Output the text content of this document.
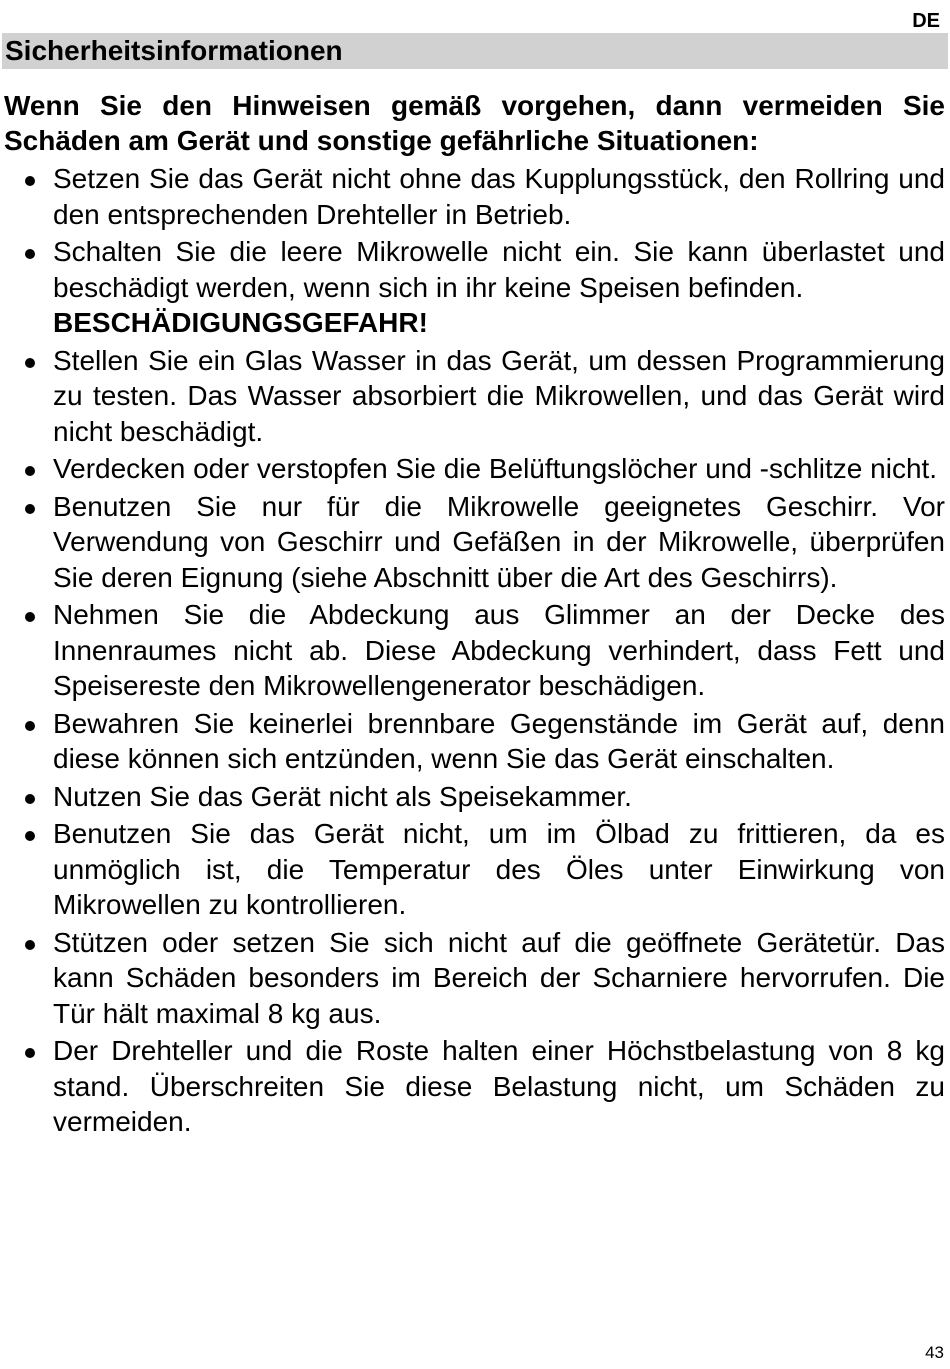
DE
Sicherheitsinformationen

Wenn Sie den Hinweisen gemäß vorgehen, dann vermeiden Sie Schäden am Gerät und sonstige gefährliche Situationen:

Setzen Sie das Gerät nicht ohne das Kupplungsstück, den Rollring und den entsprechenden Drehteller in Betrieb.
Schalten Sie die leere Mikrowelle nicht ein. Sie kann überlastet und beschädigt werden, wenn sich in ihr keine Speisen befinden.
BESCHÄDIGUNGSGEFAHR!
Stellen Sie ein Glas Wasser in das Gerät, um dessen Programmierung zu testen. Das Wasser absorbiert die Mikrowellen, und das Gerät wird nicht beschädigt.
Verdecken oder verstopfen Sie die Belüftungslöcher und -schlitze nicht.
Benutzen Sie nur für die Mikrowelle geeignetes Geschirr. Vor Verwendung von Geschirr und Gefäßen in der Mikrowelle, überprüfen Sie deren Eignung (siehe Abschnitt über die Art des Geschirrs).
Nehmen Sie die Abdeckung aus Glimmer an der Decke des Innenraumes nicht ab. Diese Abdeckung verhindert, dass Fett und Speisereste den Mikrowellengenerator beschädigen.
Bewahren Sie keinerlei brennbare Gegenstände im Gerät auf, denn diese können sich entzünden, wenn Sie das Gerät einschalten.
Nutzen Sie das Gerät nicht als Speisekammer.
Benutzen Sie das Gerät nicht, um im Ölbad zu frittieren, da es unmöglich ist, die Temperatur des Öles unter Einwirkung von Mikrowellen zu kontrollieren.
Stützen oder setzen Sie sich nicht auf die geöffnete Gerätetür. Das kann Schäden besonders im Bereich der Scharniere hervorrufen. Die Tür hält maximal 8 kg aus.
Der Drehteller und die Roste halten einer Höchstbelastung von 8 kg stand. Überschreiten Sie diese Belastung nicht, um Schäden zu vermeiden.
43
